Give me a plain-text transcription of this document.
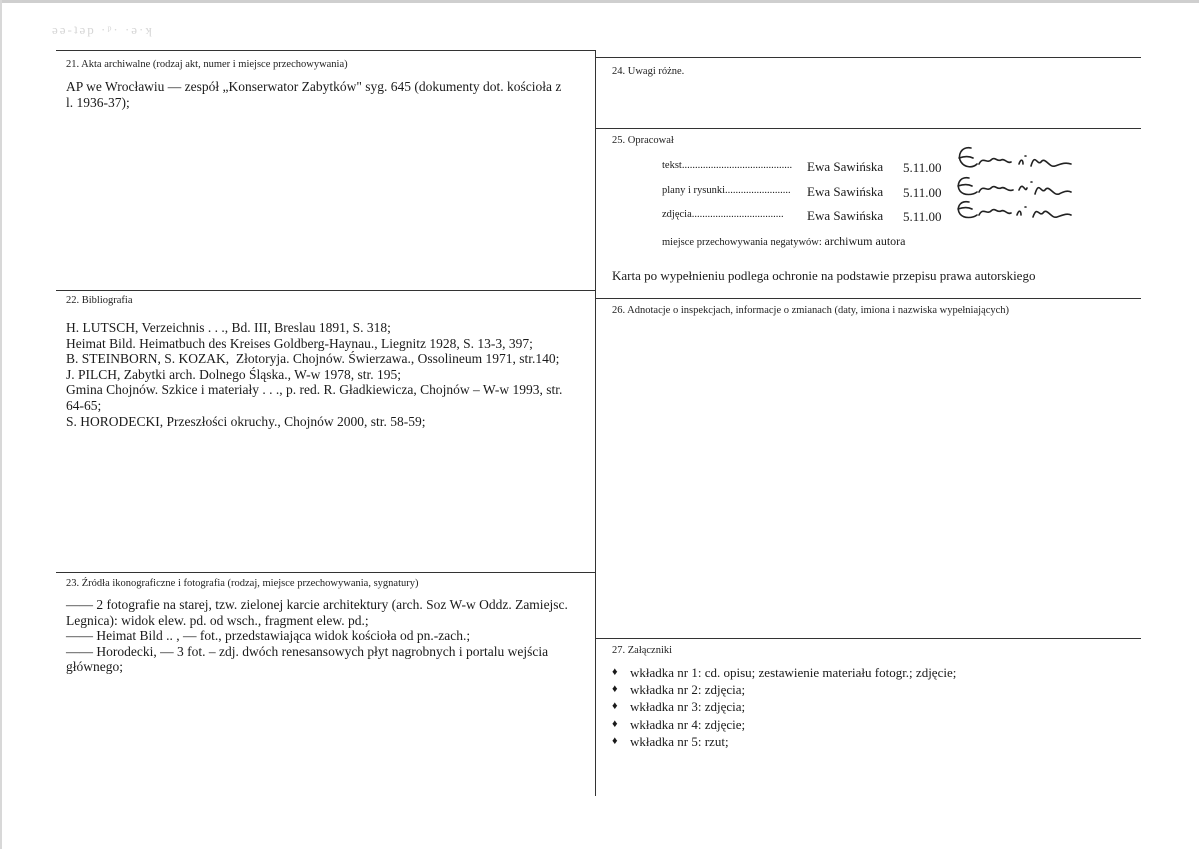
ǝǝ-ʇəp ·ᵖ· ·ǝ·ʞ
21. Akta archiwalne (rodzaj akt, numer i miejsce przechowywania)
AP we Wrocławiu — zespół „Konserwator Zabytków" syg. 645 (dokumenty dot. kościoła z
l. 1936-37);
22. Bibliografia
H. LUTSCH, Verzeichnis . . ., Bd. III, Breslau 1891, S. 318;
Heimat Bild. Heimatbuch des Kreises Goldberg-Haynau., Liegnitz 1928, S. 13-3, 397;
B. STEINBORN, S. KOZAK,  Złotoryja. Chojnów. Świerzawa., Ossolineum 1971, str.140;
J. PILCH, Zabytki arch. Dolnego Śląska., W-w 1978, str. 195;
Gmina Chojnów. Szkice i materiały . . ., p. red. R. Gładkiewicza, Chojnów – W-w 1993, str.
64-65;
S. HORODECKI, Przeszłości okruchy., Chojnów 2000, str. 58-59;
23. Źródła ikonograficzne i fotografia (rodzaj, miejsce przechowywania, sygnatury)
—— 2 fotografie na starej, tzw. zielonej karcie architektury (arch. Soz W-w Oddz. Zamiejsc.
Legnica): widok elew. pd. od wsch., fragment elew. pd.;
—— Heimat Bild .. , — fot., przedstawiająca widok kościoła od pn.-zach.;
—— Horodecki, — 3 fot. – zdj. dwóch renesansowych płyt nagrobnych i portalu wejścia
głównego;
24. Uwagi różne.
25. Opracował
tekst.......................................... Ewa Sawińska 5.11.00
plany i rysunki......................... Ewa Sawińska 5.11.00
zdjęcia................................... Ewa Sawińska 5.11.00
miejsce przechowywania negatywów: archiwum autora
Karta po wypełnieniu podlega ochronie na podstawie przepisu prawa autorskiego
26. Adnotacje o inspekcjach, informacje o zmianach (daty, imiona i nazwiska wypełniających)
27. Załączniki
♦ wkładka nr 1: cd. opisu; zestawienie materiału fotogr.; zdjęcie;
♦ wkładka nr 2: zdjęcia;
♦ wkładka nr 3: zdjęcia;
♦ wkładka nr 4: zdjęcie;
♦ wkładka nr 5: rzut;
